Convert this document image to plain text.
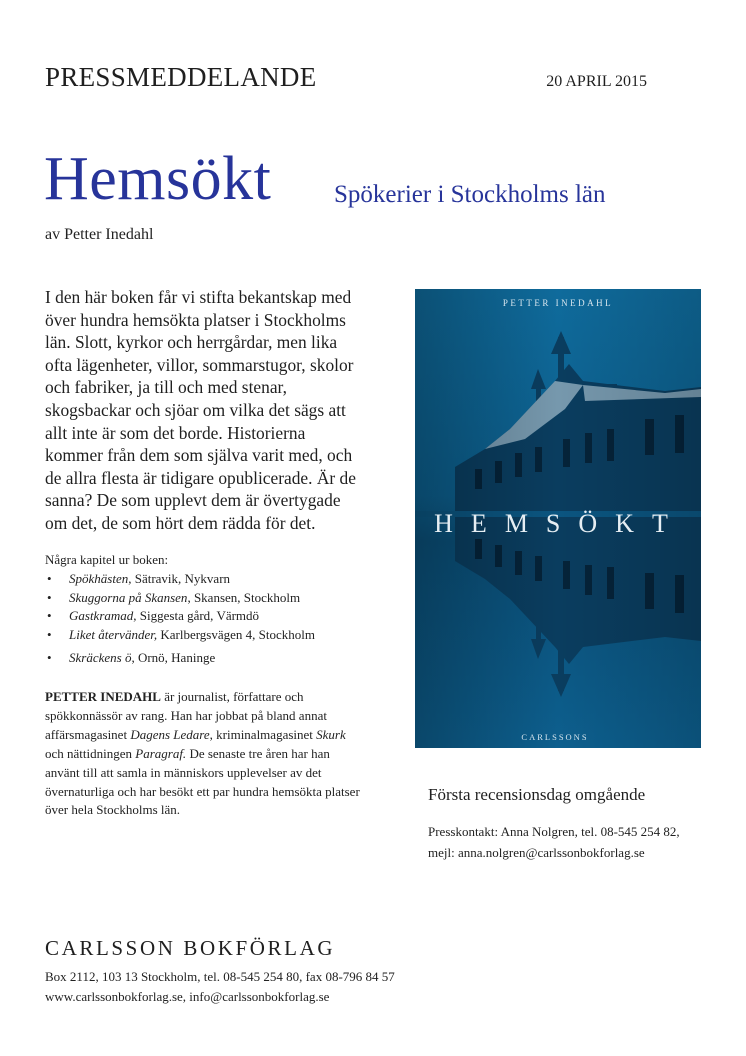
PRESSMEDDELANDE	20 APRIL 2015
Hemsökt	Spökerier i Stockholms län
av Petter Inedahl
I den här boken får vi stifta bekantskap med över hundra hemsökta platser i Stockholms län. Slott, kyrkor och herrgårdar, men lika ofta lägenheter, villor, sommarstugor, skolor och fabriker, ja till och med stenar, skogsbackar och sjöar om vilka det sägs att allt inte är som det borde. Historierna kommer från dem som själva varit med, och de allra flesta är tidigare opublicerade. Är de sanna? De som upplevt dem är övertygade om det, de som hört dem rädda för det.
Några kapitel ur boken:
• Spökhästen, Sätravik, Nykvarn
• Skuggorna på Skansen, Skansen, Stockholm
• Gastkramad, Siggesta gård, Värmdö
• Liket återvänder, Karlbergsvägen 4, Stockholm
• Skräckens ö, Ornö, Haninge
PETTER INEDAHL är journalist, författare och spökkonnässör av rang. Han har jobbat på bland annat affärsmagasinet Dagens Ledare, kriminalmagasinet Skurk och nättidningen Paragraf. De senaste tre åren har han använt till att samla in människors upplevelser av det övernaturliga och har besökt ett par hundra hemsökta platser över hela Stockholms län.
PETTER INEDAHL
HEMSÖKT
CARLSSONS
Första recensionsdag omgående
Presskontakt: Anna Nolgren, tel. 08-545 254 82,
mejl: anna.nolgren@carlssonbokforlag.se
CARLSSON BOKFÖRLAG
Box 2112, 103 13 Stockholm, tel. 08-545 254 80, fax 08-796 84 57
www.carlssonbokforlag.se, info@carlssonbokforlag.se
